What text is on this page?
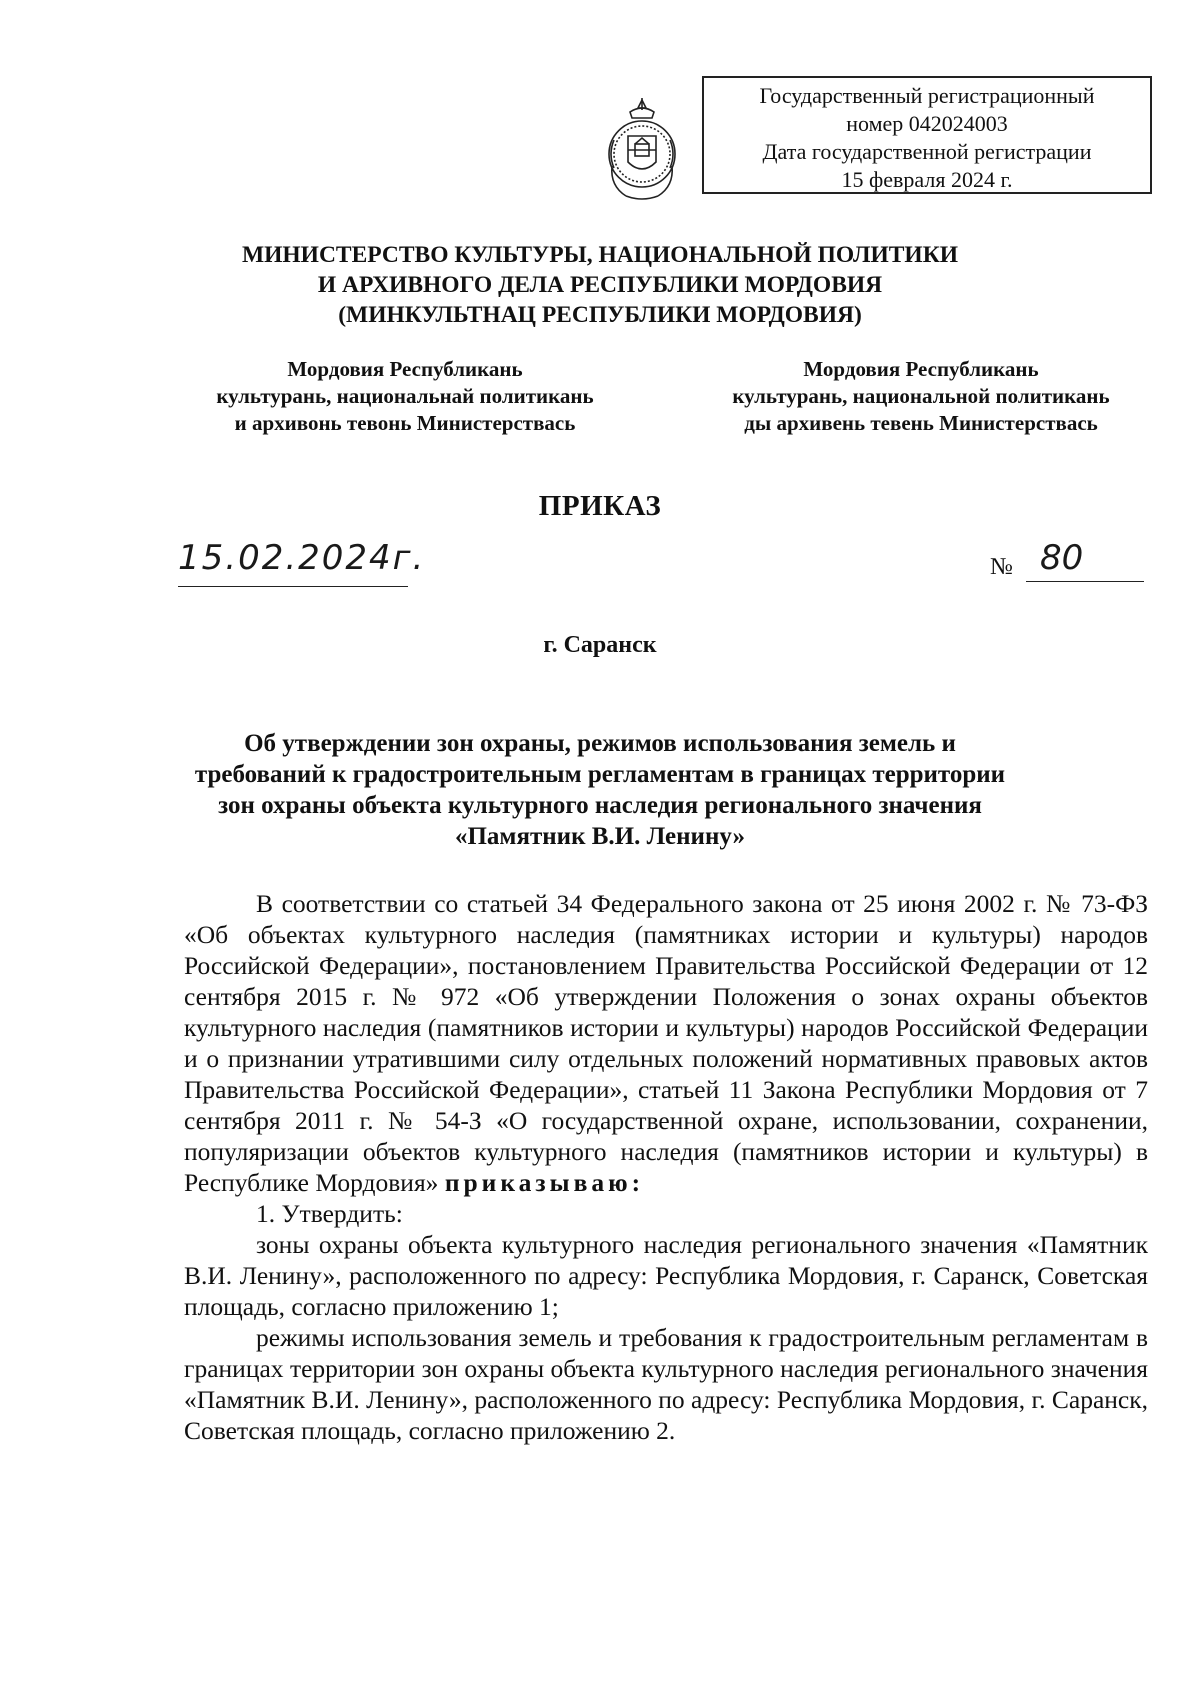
Государственный регистрационный
номер 042024003
Дата государственной регистрации
15 февраля 2024 г.
МИНИСТЕРСТВО КУЛЬТУРЫ, НАЦИОНАЛЬНОЙ ПОЛИТИКИ
И АРХИВНОГО ДЕЛА РЕСПУБЛИКИ МОРДОВИЯ
(МИНКУЛЬТНАЦ РЕСПУБЛИКИ МОРДОВИЯ)
Мордовия Республикань
культурань, национальнай политикань
и архивонь тевонь Министерствась
Мордовия Республикань
культурань, национальной политикань
ды архивень тевень Министерствась
ПРИКАЗ
15.02.2024г.	№ 80
г. Саранск
Об утверждении зон охраны, режимов использования земель и
требований к градостроительным регламентам в границах территории
зон охраны объекта культурного наследия регионального значения
«Памятник В.И. Ленину»

В соответствии со статьей 34 Федерального закона от 25 июня 2002 г. № 73-ФЗ «Об объектах культурного наследия (памятниках истории и культуры) народов Российской Федерации», постановлением Правительства Российской Федерации от 12 сентября 2015 г. № 972 «Об утверждении Положения о зонах охраны объектов культурного наследия (памятников истории и культуры) народов Российской Федерации и о признании утратившими силу отдельных положений нормативных правовых актов Правительства Российской Федерации», статьей 11 Закона Республики Мордовия от 7 сентября 2011 г. № 54-З «О государственной охране, использовании, сохранении, популяризации объектов культурного наследия (памятников истории и культуры) в Республике Мордовия» приказываю:

1. Утвердить:

зоны охраны объекта культурного наследия регионального значения «Памятник В.И. Ленину», расположенного по адресу: Республика Мордовия, г. Саранск, Советская площадь, согласно приложению 1;

режимы использования земель и требования к градостроительным регламентам в границах территории зон охраны объекта культурного наследия регионального значения «Памятник В.И. Ленину», расположенного по адресу: Республика Мордовия, г. Саранск, Советская площадь, согласно приложению 2.
